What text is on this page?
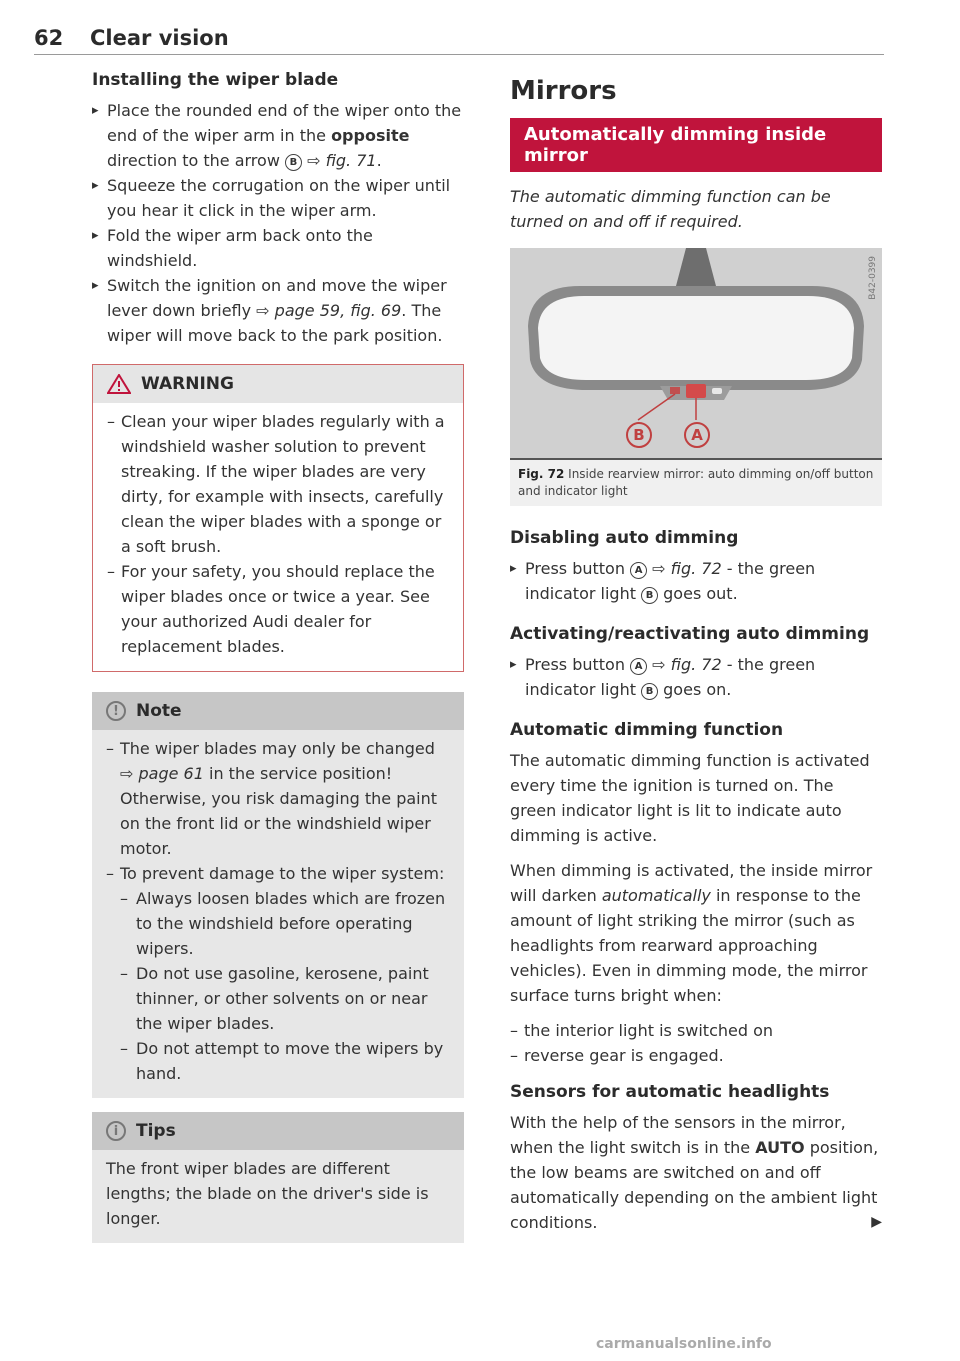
62 Clear vision
Installing the wiper blade

▸ Place the rounded end of the wiper onto the end of the wiper arm in the opposite direction to the arrow B ⇨ fig. 71.

▸ Squeeze the corrugation on the wiper until you hear it click in the wiper arm.

▸ Fold the wiper arm back onto the windshield.

▸ Switch the ignition on and move the wiper lever down briefly ⇨ page 59, fig. 69. The wiper will move back to the park position.

WARNING
– Clean your wiper blades regularly with a windshield washer solution to prevent streaking. If the wiper blades are very dirty, for example with insects, carefully clean the wiper blades with a sponge or a soft brush.
– For your safety, you should replace the wiper blades once or twice a year. See your authorized Audi dealer for replacement blades.
!	Note
– The wiper blades may only be changed ⇨ page 61 in the service position! Otherwise, you risk damaging the paint on the front lid or the windshield wiper motor.
– To prevent damage to the wiper system:
– Always loosen blades which are frozen to the windshield before operating wipers.
– Do not use gasoline, kerosene, paint thinner, or other solvents on or near the wiper blades.
– Do not attempt to move the wipers by hand.
i	Tips
The front wiper blades are different lengths; the blade on the driver's side is longer.
Mirrors
Automatically dimming inside mirror
The automatic dimming function can be turned on and off if required.
B	A
B42-0399
Fig. 72 Inside rearview mirror: auto dimming on/off button and indicator light
Disabling auto dimming

▸ Press button A ⇨ fig. 72 - the green indicator light B goes out.

Activating/reactivating auto dimming

▸ Press button A ⇨ fig. 72 - the green indicator light B goes on.

Automatic dimming function

The automatic dimming function is activated every time the ignition is turned on. The green indicator light is lit to indicate auto dimming is active.

When dimming is activated, the inside mirror will darken automatically in response to the amount of light striking the mirror (such as headlights from rearward approaching vehicles). Even in dimming mode, the mirror surface turns bright when:

– the interior light is switched on
– reverse gear is engaged.
Sensors for automatic headlights

With the help of the sensors in the mirror, when the light switch is in the AUTO position, the low beams are switched on and off automatically depending on the ambient light conditions.	▶

carmanualsonline.info
